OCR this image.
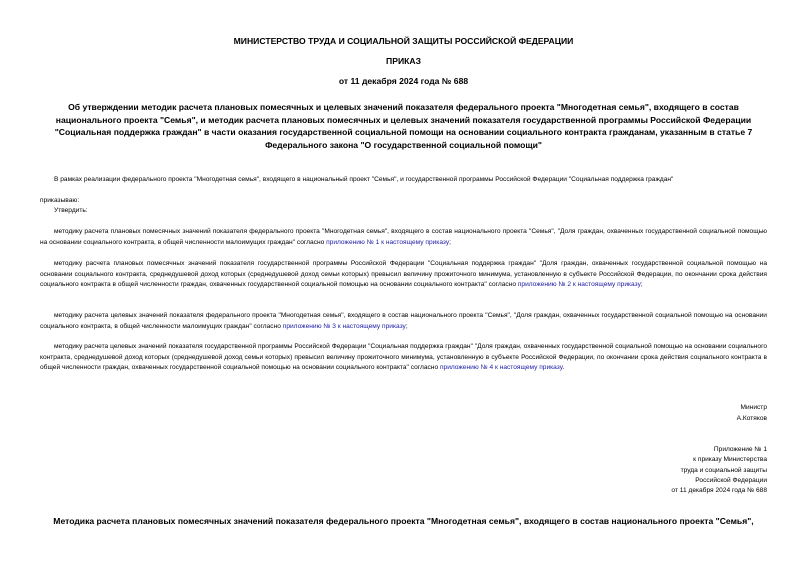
МИНИСТЕРСТВО ТРУДА И СОЦИАЛЬНОЙ ЗАЩИТЫ РОССИЙСКОЙ ФЕДЕРАЦИИ
ПРИКАЗ
от 11 декабря 2024 года № 688
Об утверждении методик расчета плановых помесячных и целевых значений показателя федерального проекта "Многодетная семья", входящего в состав национального проекта "Семья", и методик расчета плановых помесячных и целевых значений показателя государственной программы Российской Федерации "Социальная поддержка граждан" в части оказания государственной социальной помощи на основании социального контракта гражданам, указанным в статье 7 Федерального закона "О государственной социальной помощи"
В рамках реализации федерального проекта "Многодетная семья", входящего в национальный проект "Семья", и государственной программы Российской Федерации "Социальная поддержка граждан"
приказываю:
Утвердить:
методику расчета плановых помесячных значений показателя федерального проекта "Многодетная семья", входящего в состав национального проекта "Семья", "Доля граждан, охваченных государственной социальной помощью на основании социального контракта, в общей численности малоимущих граждан" согласно приложению № 1 к настоящему приказу;
методику расчета плановых помесячных значений показателя государственной программы Российской Федерации "Социальная поддержка граждан" "Доля граждан, охваченных государственной социальной помощью на основании социального контракта, среднедушевой доход которых (среднедушевой доход семьи которых) превысил величину прожиточного минимума, установленную в субъекте Российской Федерации, по окончании срока действия социального контракта в общей численности граждан, охваченных государственной социальной помощью на основании социального контракта" согласно приложению № 2 к настоящему приказу;
методику расчета целевых значений показателя федерального проекта "Многодетная семья", входящего в состав национального проекта "Семья", "Доля граждан, охваченных государственной социальной помощью на основании социального контракта, в общей численности малоимущих граждан" согласно приложению № 3 к настоящему приказу;
методику расчета целевых значений показателя государственной программы Российской Федерации "Социальная поддержка граждан" "Доля граждан, охваченных государственной социальной помощью на основании социального контракта, среднедушевой доход которых (среднедушевой доход семьи которых) превысил величину прожиточного минимума, установленную в субъекте Российской Федерации, по окончании срока действия социального контракта в общей численности граждан, охваченных государственной социальной помощью на основании социального контракта" согласно приложению № 4 к настоящему приказу.
Министр
А.Котяков
Приложение № 1
к приказу Министерства
труда и социальной защиты
Российской Федерации
от 11 декабря 2024 года № 688
Методика расчета плановых помесячных значений показателя федерального проекта "Многодетная семья", входящего в состав национального проекта "Семья",
